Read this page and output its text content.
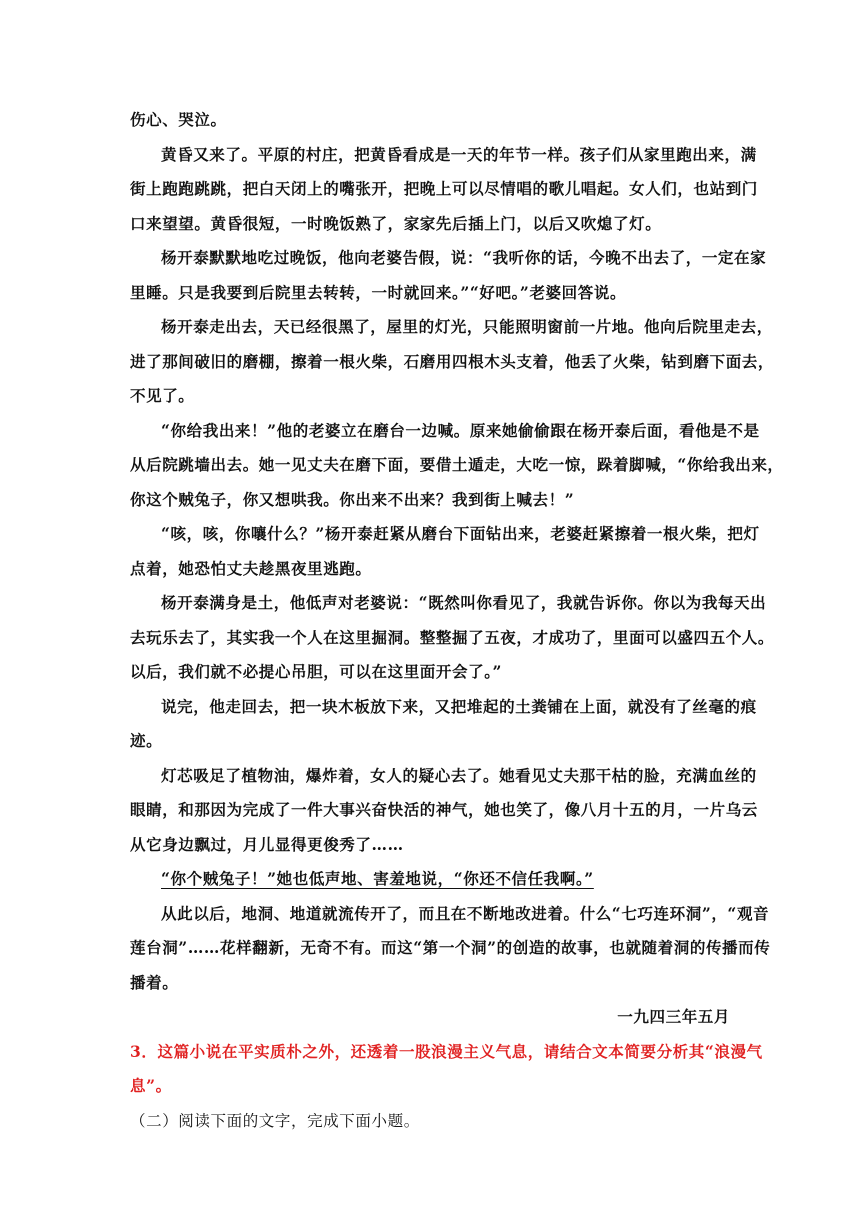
伤心、哭泣。

黄昏又来了。平原的村庄，把黄昏看成是一天的年节一样。孩子们从家里跑出来，满

街上跑跑跳跳，把白天闭上的嘴张开，把晚上可以尽情唱的歌儿唱起。女人们，也站到门

口来望望。黄昏很短，一时晚饭熟了，家家先后插上门，以后又吹熄了灯。

杨开泰默默地吃过晚饭，他向老婆告假，说：“我听你的话，今晚不出去了，一定在家

里睡。只是我要到后院里去转转，一时就回来。”“好吧。”老婆回答说。

杨开泰走出去，天已经很黑了，屋里的灯光，只能照明窗前一片地。他向后院里走去，

进了那间破旧的磨棚，擦着一根火柴，石磨用四根木头支着，他丢了火柴，钻到磨下面去，

不见了。

“你给我出来！”他的老婆立在磨台一边喊。原来她偷偷跟在杨开泰后面，看他是不是

从后院跳墙出去。她一见丈夫在磨下面，要借土遁走，大吃一惊，跺着脚喊，“你给我出来，

你这个贼兔子，你又想哄我。你出来不出来？我到街上喊去！”

“咳，咳，你嚷什么？”杨开泰赶紧从磨台下面钻出来，老婆赶紧擦着一根火柴，把灯

点着，她恐怕丈夫趁黑夜里逃跑。

杨开泰满身是土，他低声对老婆说：“既然叫你看见了，我就告诉你。你以为我每天出

去玩乐去了，其实我一个人在这里掘洞。整整掘了五夜，才成功了，里面可以盛四五个人。

以后，我们就不必提心吊胆，可以在这里面开会了。”

说完，他走回去，把一块木板放下来，又把堆起的土粪铺在上面，就没有了丝毫的痕

迹。

灯芯吸足了植物油，爆炸着，女人的疑心去了。她看见丈夫那干枯的脸，充满血丝的

眼睛，和那因为完成了一件大事兴奋快活的神气，她也笑了，像八月十五的月，一片乌云

从它身边飘过，月儿显得更俊秀了……

“你个贼兔子！”她也低声地、害羞地说，“你还不信任我啊。”

从此以后，地洞、地道就流传开了，而且在不断地改进着。什么“七巧连环洞”，“观音

莲台洞”……花样翻新，无奇不有。而这“第一个洞”的创造的故事，也就随着洞的传播而传

播着。

一九四三年五月

3．这篇小说在平实质朴之外，还透着一股浪漫主义气息，请结合文本简要分析其“浪漫气

息”。

（二）阅读下面的文字，完成下面小题。
